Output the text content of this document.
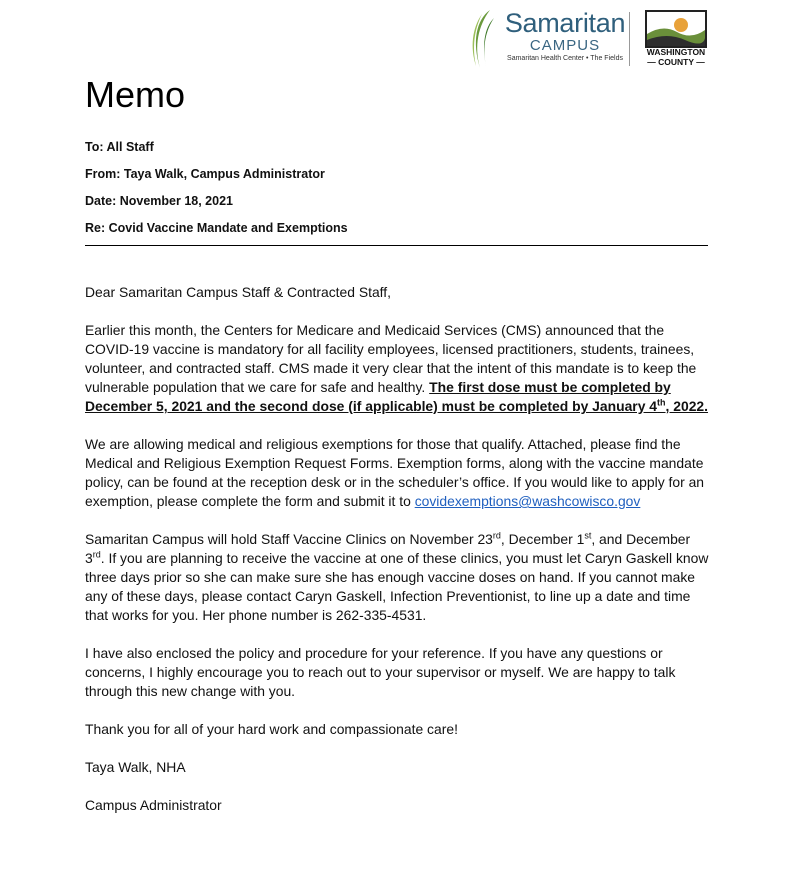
Samaritan
CAMPUS
Samaritan Health Center • The Fields
WASHINGTON
— COUNTY —
Memo
To: All Staff
From: Taya Walk, Campus Administrator
Date: November 18, 2021
Re: Covid Vaccine Mandate and Exemptions

Dear Samaritan Campus Staff & Contracted Staff,

Earlier this month, the Centers for Medicare and Medicaid Services (CMS) announced that the COVID-19 vaccine is mandatory for all facility employees, licensed practitioners, students, trainees, volunteer, and contracted staff. CMS made it very clear that the intent of this mandate is to keep the vulnerable population that we care for safe and healthy. The first dose must be completed by December 5, 2021 and the second dose (if applicable) must be completed by January 4th, 2022.

We are allowing medical and religious exemptions for those that qualify. Attached, please find the Medical and Religious Exemption Request Forms. Exemption forms, along with the vaccine mandate policy, can be found at the reception desk or in the scheduler’s office. If you would like to apply for an exemption, please complete the form and submit it to covidexemptions@washcowisco.gov

Samaritan Campus will hold Staff Vaccine Clinics on November 23rd, December 1st, and December 3rd. If you are planning to receive the vaccine at one of these clinics, you must let Caryn Gaskell know three days prior so she can make sure she has enough vaccine doses on hand. If you cannot make any of these days, please contact Caryn Gaskell, Infection Preventionist, to line up a date and time that works for you. Her phone number is 262-335-4531.

I have also enclosed the policy and procedure for your reference. If you have any questions or concerns, I highly encourage you to reach out to your supervisor or myself. We are happy to talk through this new change with you.

Thank you for all of your hard work and compassionate care!

Taya Walk, NHA

Campus Administrator
